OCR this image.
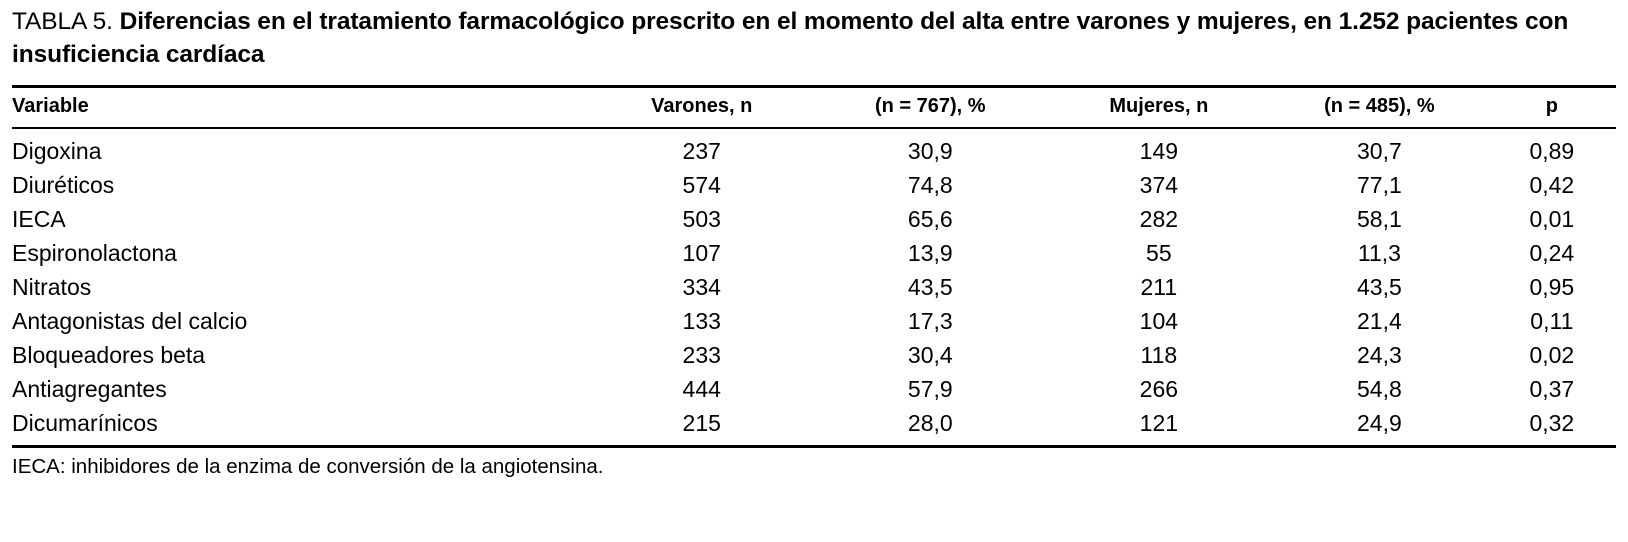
TABLA 5. Diferencias en el tratamiento farmacológico prescrito en el momento del alta entre varones y mujeres, en 1.252 pacientes con insuficiencia cardíaca

Variable	Varones, n	(n = 767), %	Mujeres, n	(n = 485), %	p
Digoxina	237	30,9	149	30,7	0,89
Diuréticos	574	74,8	374	77,1	0,42
IECA	503	65,6	282	58,1	0,01
Espironolactona	107	13,9	55	11,3	0,24
Nitratos	334	43,5	211	43,5	0,95
Antagonistas del calcio	133	17,3	104	21,4	0,11
Bloqueadores beta	233	30,4	118	24,3	0,02
Antiagregantes	444	57,9	266	54,8	0,37
Dicumarínicos	215	28,0	121	24,9	0,32
IECA: inhibidores de la enzima de conversión de la angiotensina.					
